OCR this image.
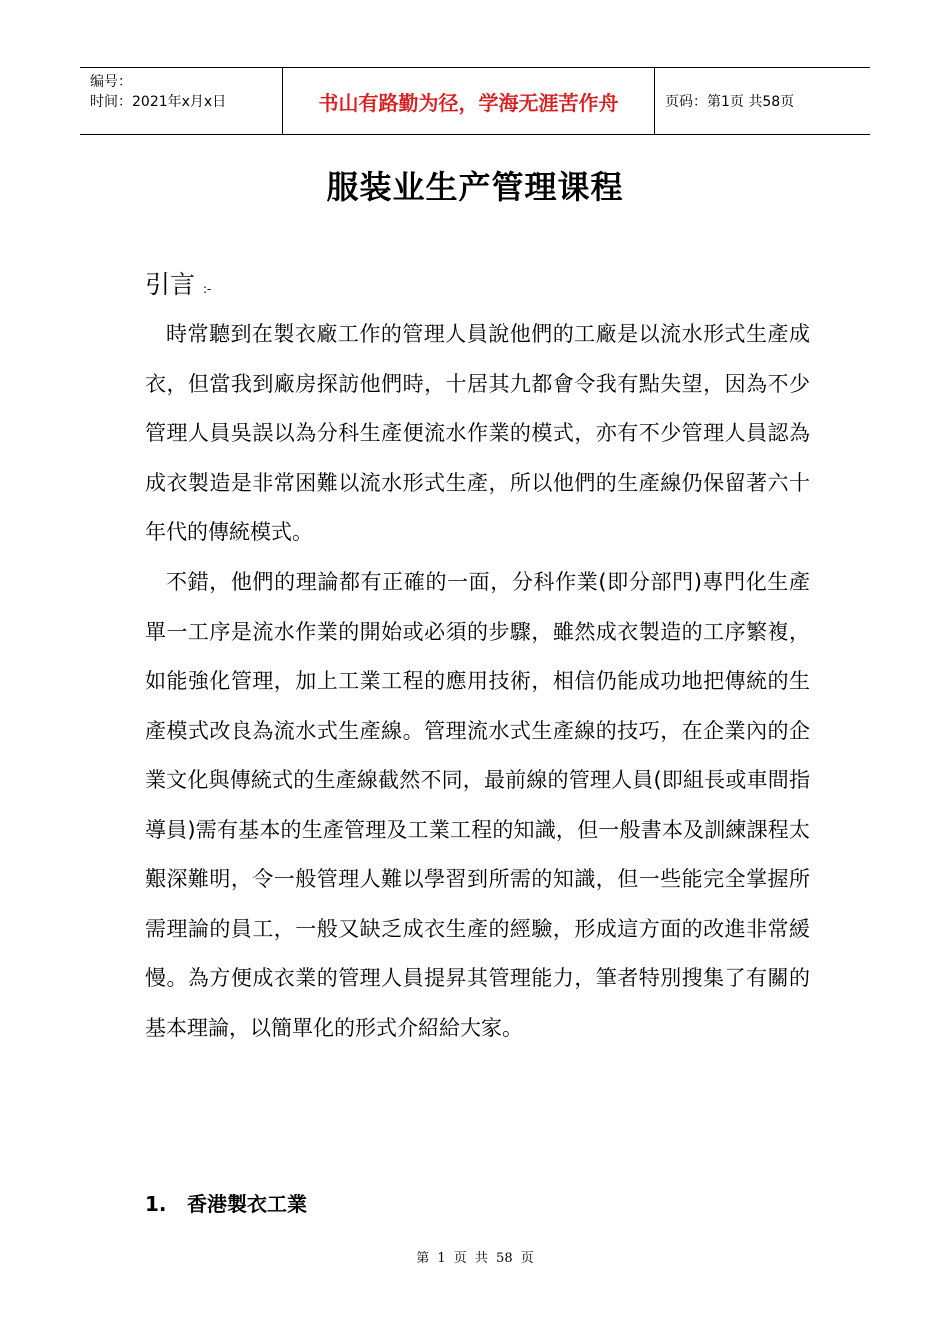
编号：
时间：2021年x月x日	书山有路勤为径，学海无涯苦作舟	页码：第1页 共58页
服装业生产管理课程
引言 :-

時常聽到在製衣廠工作的管理人員說他們的工廠是以流水形式生產成衣，但當我到廠房探訪他們時，十居其九都會令我有點失望，因為不少管理人員吳誤以為分科生產便流水作業的模式，亦有不少管理人員認為成衣製造是非常困難以流水形式生產，所以他們的生產線仍保留著六十年代的傳統模式。

不錯，他們的理論都有正確的一面，分科作業(即分部門)專門化生產單一工序是流水作業的開始或必須的步驟，雖然成衣製造的工序繁複，如能強化管理，加上工業工程的應用技術，相信仍能成功地把傳統的生產模式改良為流水式生產線。管理流水式生產線的技巧，在企業內的企業文化與傳統式的生產線截然不同，最前線的管理人員(即組長或車間指導員)需有基本的生產管理及工業工程的知識，但一般書本及訓練課程太艱深難明，令一般管理人難以學習到所需的知識，但一些能完全掌握所需理論的員工，一般又缺乏成衣生產的經驗，形成這方面的改進非常緩慢。為方便成衣業的管理人員提昇其管理能力，筆者特別搜集了有關的基本理論，以簡單化的形式介紹給大家。

1. 香港製衣工業
第 1 页 共 58 页
